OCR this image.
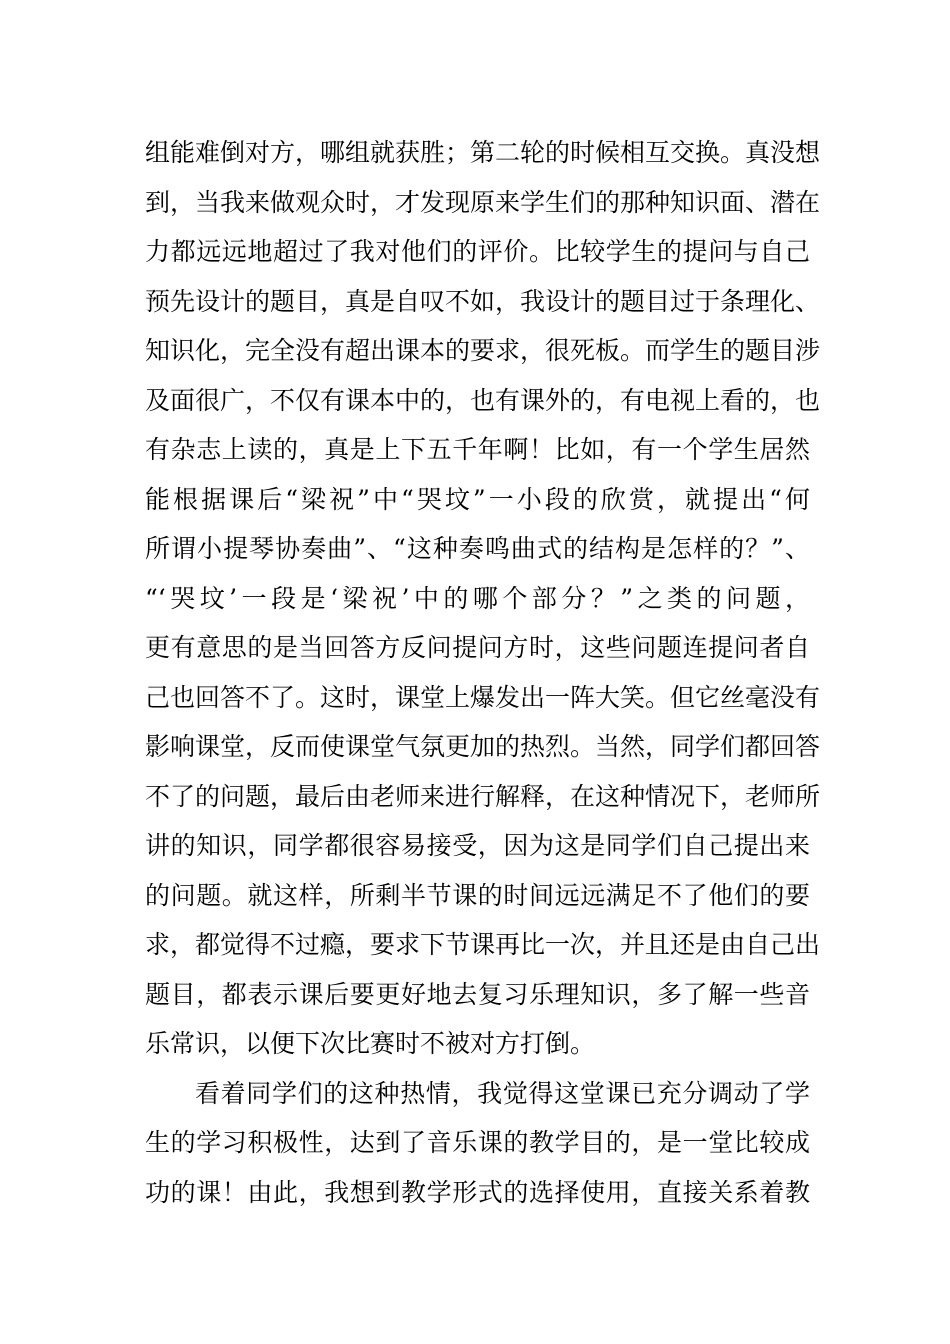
组能难倒对方，哪组就获胜；第二轮的时候相互交换。真没想
到，当我来做观众时，才发现原来学生们的那种知识面、潜在
力都远远地超过了我对他们的评价。比较学生的提问与自己
预先设计的题目，真是自叹不如，我设计的题目过于条理化、
知识化，完全没有超出课本的要求，很死板。而学生的题目涉
及面很广，不仅有课本中的，也有课外的，有电视上看的，也
有杂志上读的，真是上下五千年啊！比如，有一个学生居然
能根据课后“梁祝”中“哭坟”一小段的欣赏，就提出“何
所谓小提琴协奏曲”、“这种奏鸣曲式的结构是怎样的？”、
“‘哭坟’一段是‘梁祝’中的哪个部分？”之类的问题，
更有意思的是当回答方反问提问方时，这些问题连提问者自
己也回答不了。这时，课堂上爆发出一阵大笑。但它丝毫没有
影响课堂，反而使课堂气氛更加的热烈。当然，同学们都回答
不了的问题，最后由老师来进行解释，在这种情况下，老师所
讲的知识，同学都很容易接受，因为这是同学们自己提出来
的问题。就这样，所剩半节课的时间远远满足不了他们的要
求，都觉得不过瘾，要求下节课再比一次，并且还是由自己出
题目，都表示课后要更好地去复习乐理知识，多了解一些音
乐常识，以便下次比赛时不被对方打倒。
看着同学们的这种热情，我觉得这堂课已充分调动了学
生的学习积极性，达到了音乐课的教学目的，是一堂比较成
功的课！由此，我想到教学形式的选择使用，直接关系着教
